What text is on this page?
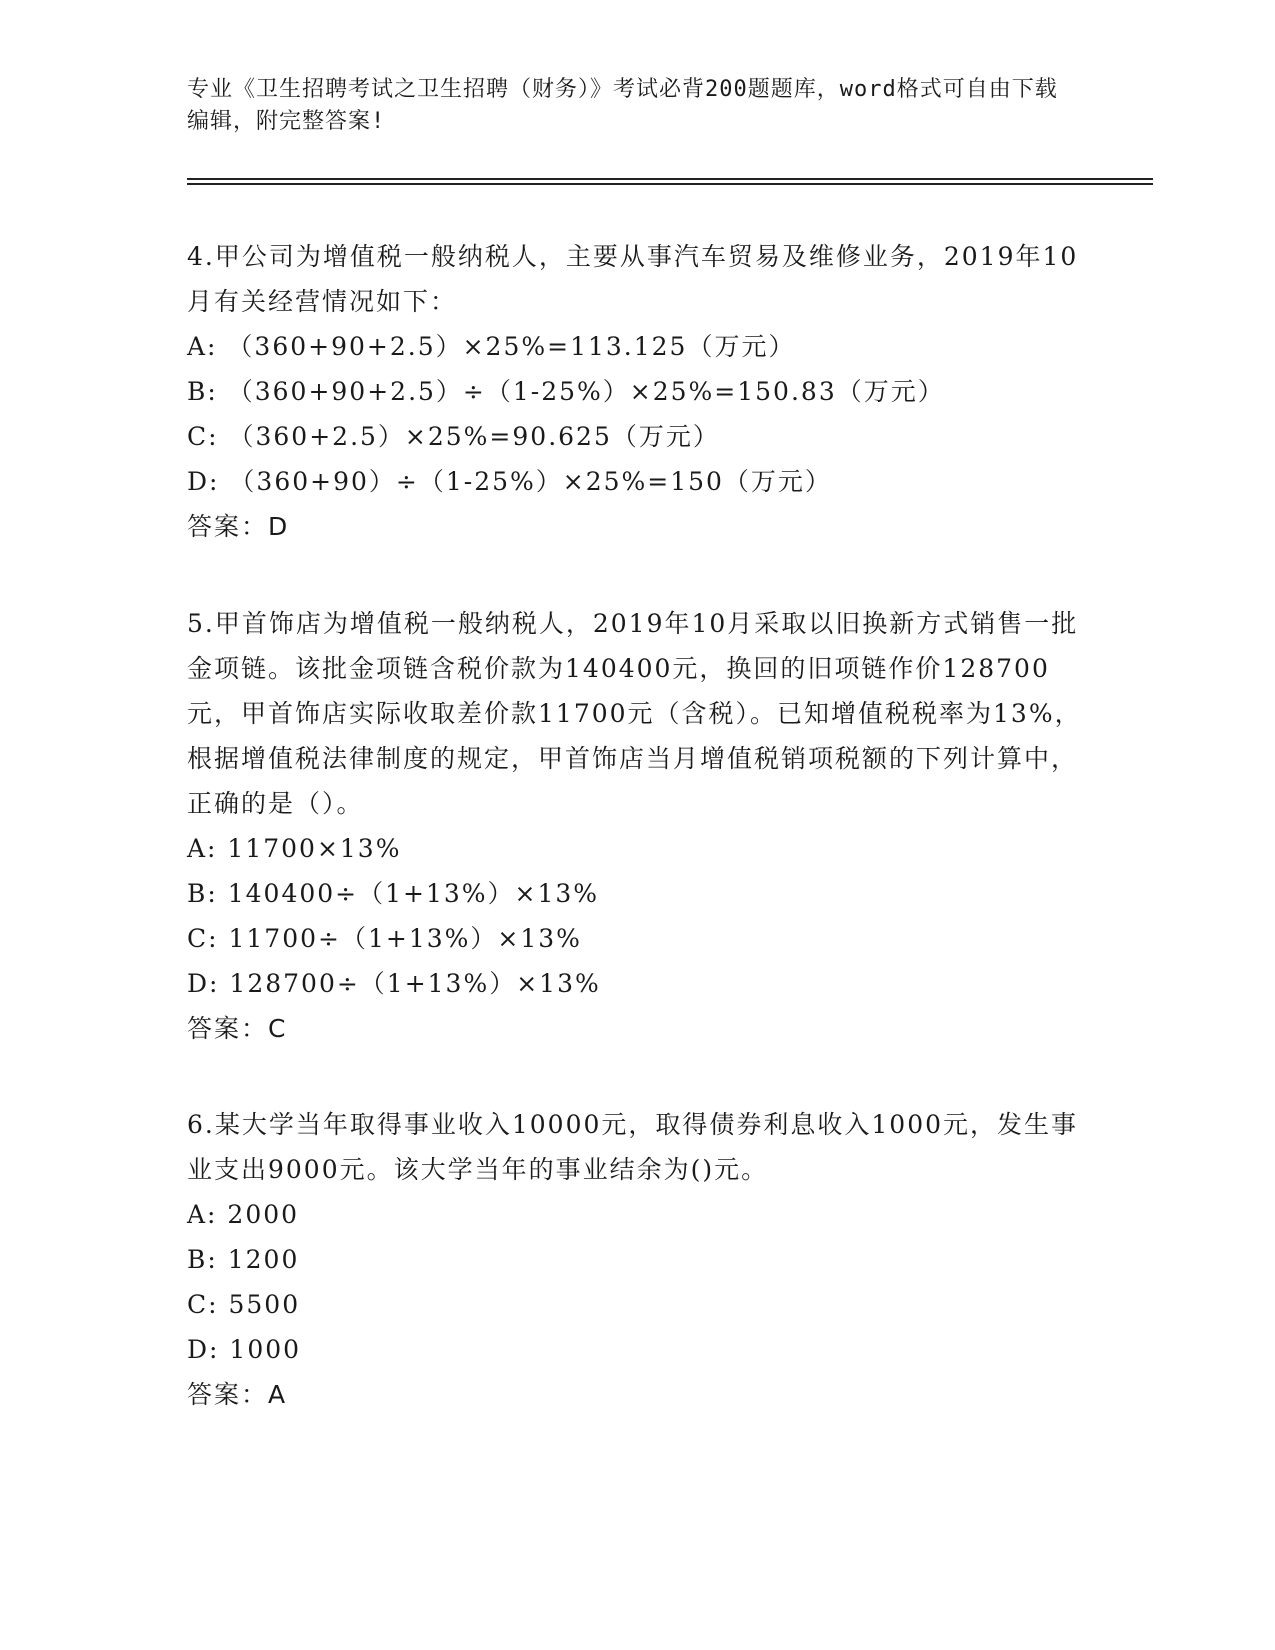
专业《卫生招聘考试之卫生招聘（财务）》考试必背200题题库，word格式可自由下载编辑，附完整答案!

4.甲公司为增值税一般纳税人，主要从事汽车贸易及维修业务，2019年10月有关经营情况如下：

A: （360+90+2.5）×25%=113.125（万元）

B: （360+90+2.5）÷（1-25%）×25%=150.83（万元）

C: （360+2.5）×25%=90.625（万元）

D: （360+90）÷（1-25%）×25%=150（万元）

答案：D

5.甲首饰店为增值税一般纳税人，2019年10月采取以旧换新方式销售一批金项链。该批金项链含税价款为140400元，换回的旧项链作价128700元，甲首饰店实际收取差价款11700元（含税）。已知增值税税率为13%，根据增值税法律制度的规定，甲首饰店当月增值税销项税额的下列计算中，正确的是（）。

A: 11700×13%

B: 140400÷（1+13%）×13%

C: 11700÷（1+13%）×13%

D: 128700÷（1+13%）×13%

答案：C

6.某大学当年取得事业收入10000元，取得债券利息收入1000元，发生事业支出9000元。该大学当年的事业结余为()元。

A: 2000

B: 1200

C: 5500

D: 1000

答案：A
